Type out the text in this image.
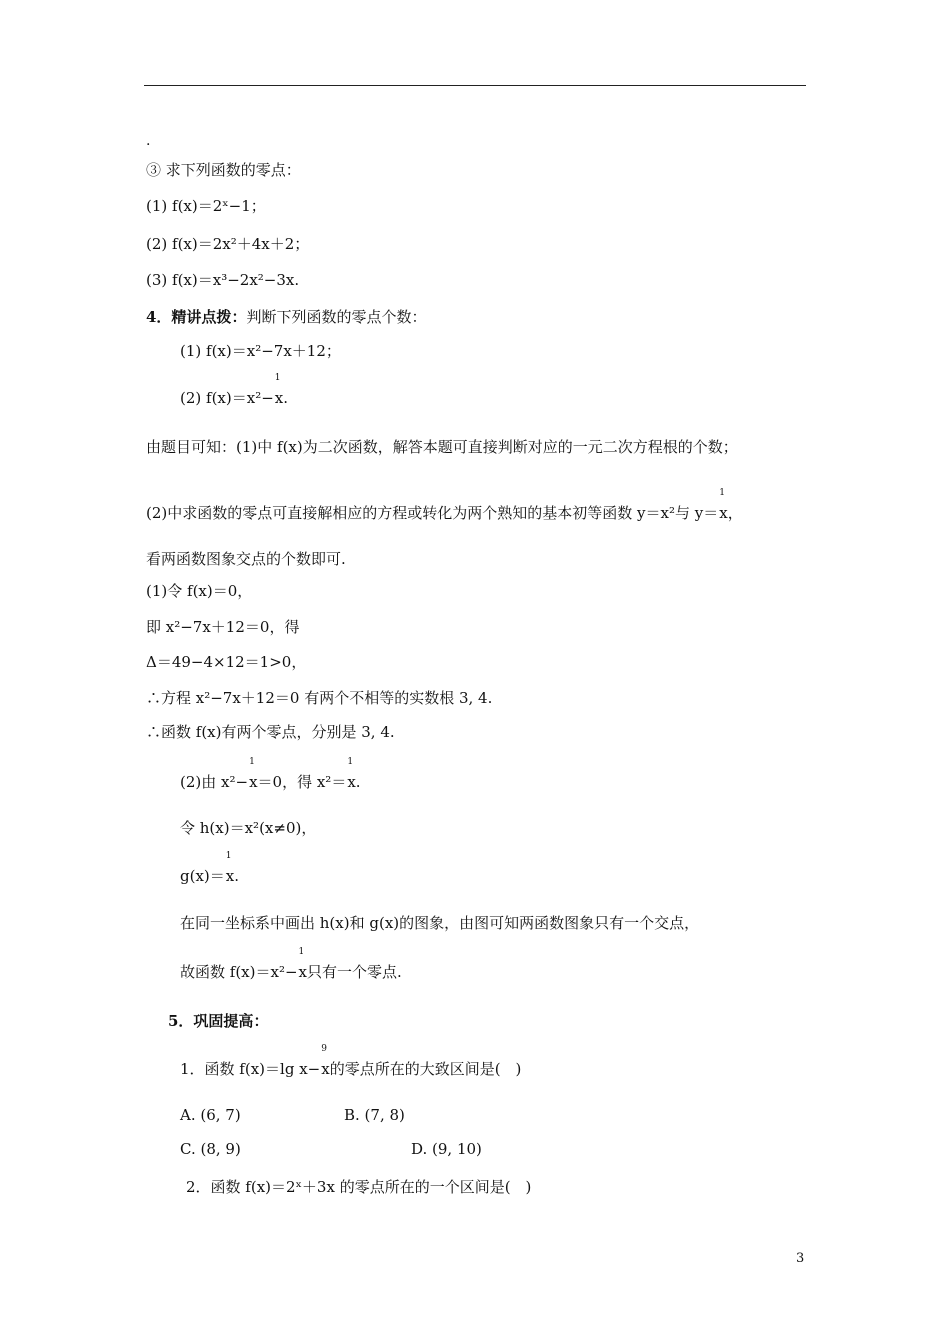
.
③ 求下列函数的零点：
(1) f(x)＝2ˣ−1；
(2) f(x)＝2x²＋4x＋2；
(3) f(x)＝x³−2x²−3x.
4．精讲点拨：判断下列函数的零点个数：
(1) f(x)＝x²−7x＋12；
(2) f(x)＝x²−
1
x.
由题目可知：(1)中 f(x)为二次函数，解答本题可直接判断对应的一元二次方程根的个数；
(2)中求函数的零点可直接解相应的方程或转化为两个熟知的基本初等函数 y＝x²与 y＝
1
x，
看两函数图象交点的个数即可.
(1)令 f(x)＝0，
即 x²−7x＋12＝0，得
Δ＝49−4×12＝1>0，
∴方程 x²−7x＋12＝0 有两个不相等的实数根 3, 4.
∴函数 f(x)有两个零点，分别是 3, 4.
(2)由 x²−
1
x＝0，得 x²＝
1
x.
令 h(x)＝x²(x≠0)，
g(x)＝
1
x.
在同一坐标系中画出 h(x)和 g(x)的图象，由图可知两函数图象只有一个交点，
故函数 f(x)＝x²−
1
x只有一个零点.
5．巩固提高：
1．函数 f(x)＝lg x−
9
x的零点所在的大致区间是(　)
A. (6, 7)	B. (7, 8)
C. (8, 9)	D. (9, 10)
2．函数 f(x)＝2ˣ＋3x 的零点所在的一个区间是(　)
3
